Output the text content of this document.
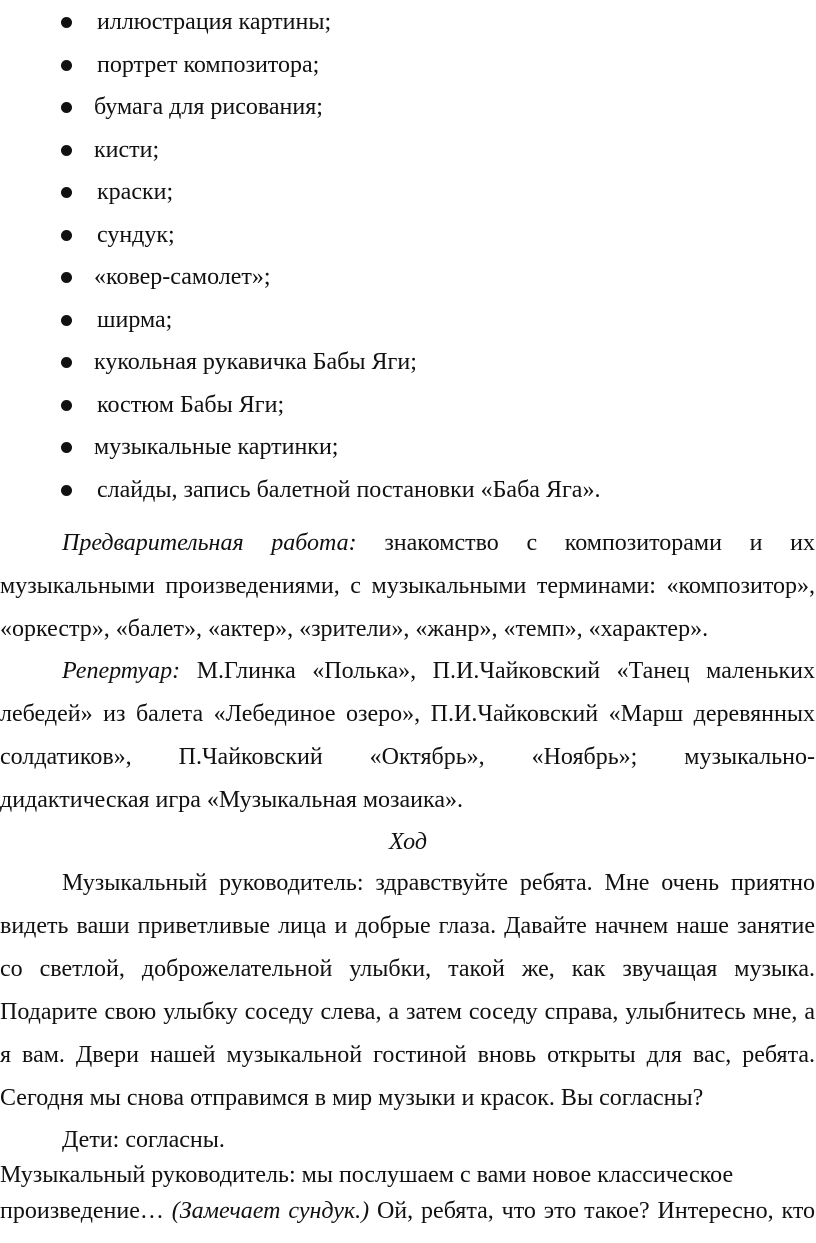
иллюстрация картины;
портрет композитора;
бумага для рисования;
кисти;
краски;
сундук;
«ковер-самолет»;
ширма;
кукольная рукавичка Бабы Яги;
костюм Бабы Яги;
музыкальные картинки;
слайды, запись балетной постановки «Баба Яга».
Предварительная работа: знакомство с композиторами и их
музыкальными произведениями, с музыкальными терминами: «композитор»,
«оркестр», «балет», «актер», «зрители», «жанр», «темп», «характер».
Репертуар: М.Глинка «Полька», П.И.Чайковский «Танец маленьких
лебедей» из балета «Лебединое озеро», П.И.Чайковский «Марш деревянных
солдатиков», П.Чайковский «Октябрь», «Ноябрь»; музыкально-
дидактическая игра «Музыкальная мозаика».
Ход
Музыкальный руководитель: здравствуйте ребята. Мне очень приятно
видеть ваши приветливые лица и добрые глаза. Давайте начнем наше занятие
со светлой, доброжелательной улыбки, такой же, как звучащая музыка.
Подарите свою улыбку соседу слева, а затем соседу справа, улыбнитесь мне, а
я вам. Двери нашей музыкальной гостиной вновь открыты для вас, ребята.
Сегодня мы снова отправимся в мир музыки и красок. Вы согласны?
Дети: согласны.
Музыкальный руководитель: мы послушаем с вами новое классическое
произведение… (Замечает сундук.) Ой, ребята, что это такое? Интересно, кто
